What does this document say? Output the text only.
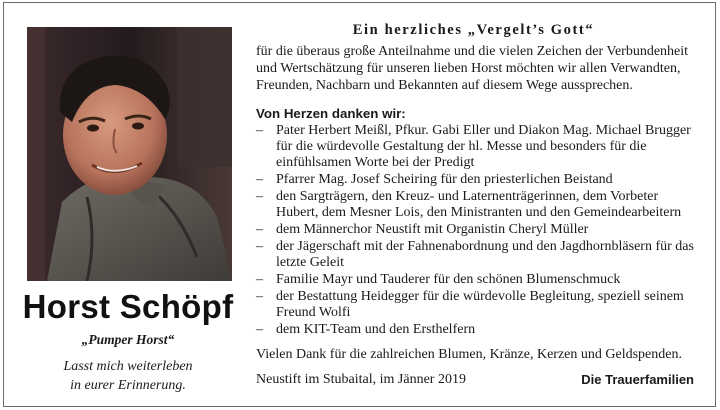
Horst Schöpf
„Pumper Horst“
Lasst mich weiterleben
in eurer Erinnerung.
Ein herzliches „Vergelt’s Gott“
für die überaus große Anteilnahme und die vielen Zeichen der Verbundenheit und Wertschätzung für unseren lieben Horst möchten wir allen Verwandten, Freunden, Nachbarn und Bekannten auf diesem Wege aussprechen.
Von Herzen danken wir:
– Pater Herbert Meißl, Pfkur. Gabi Eller und Diakon Mag. Michael Brugger für die würdevolle Gestaltung der hl. Messe und besonders für die einfühlsamen Worte bei der Predigt
– Pfarrer Mag. Josef Scheiring für den priesterlichen Beistand
– den Sargträgern, den Kreuz- und Laternenträgerinnen, dem Vorbeter Hubert, dem Mesner Lois, den Ministranten und den Gemeindearbeitern
– dem Männerchor Neustift mit Organistin Cheryl Müller
– der Jägerschaft mit der Fahnenabordnung und den Jagdhornbläsern für das letzte Geleit
– Familie Mayr und Tauderer für den schönen Blumenschmuck
– der Bestattung Heidegger für die würdevolle Begleitung, speziell seinem Freund Wolfi
– dem KIT-Team und den Ersthelfern
Vielen Dank für die zahlreichen Blumen, Kränze, Kerzen und Geldspenden.
Neustift im Stubaital, im Jänner 2019	Die Trauerfamilien
